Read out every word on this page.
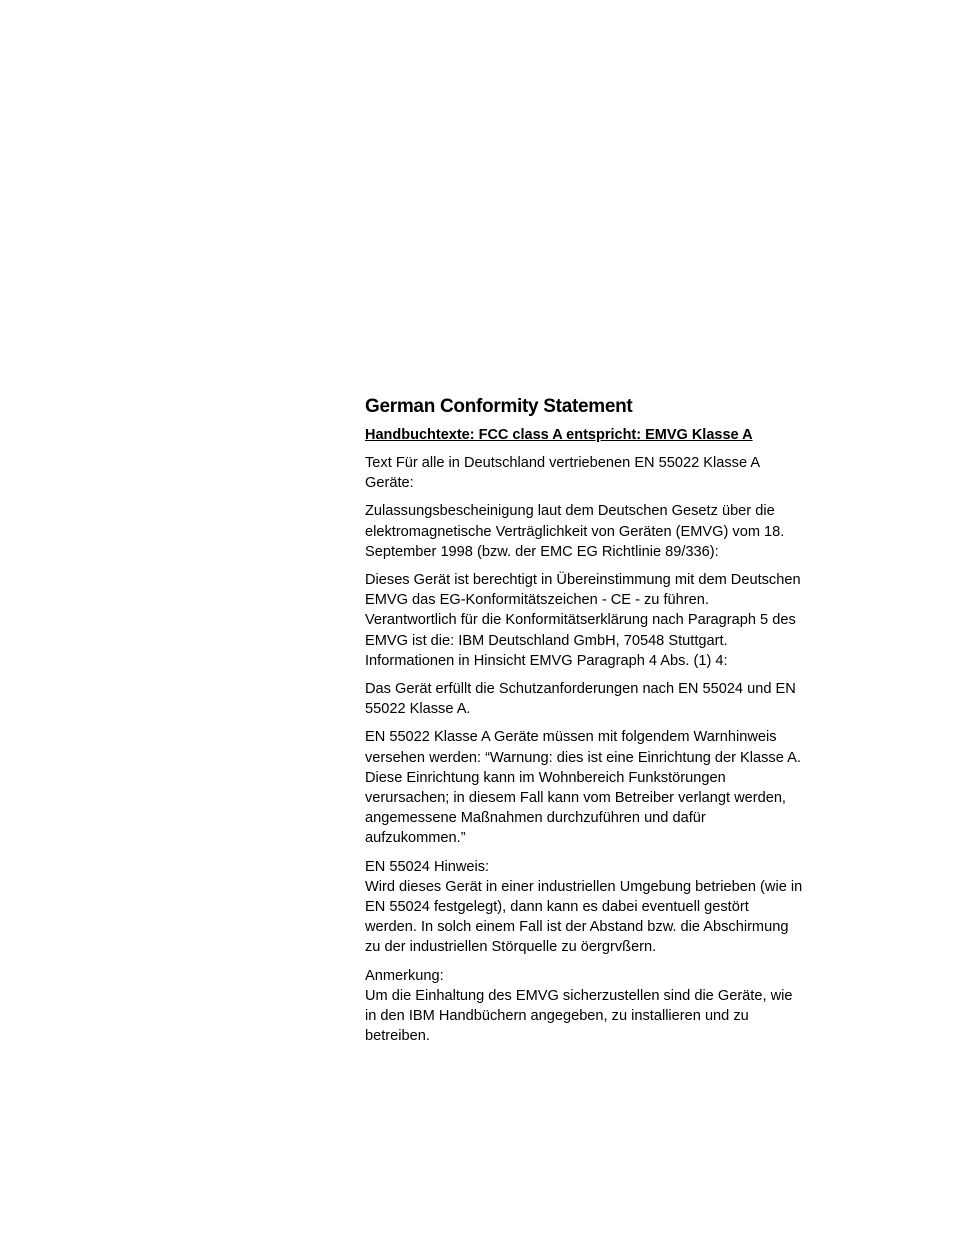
German Conformity Statement
Handbuchtexte: FCC class A entspricht: EMVG Klasse A
Text Für alle in Deutschland vertriebenen EN 55022 Klasse A
Geräte:
Zulassungsbescheinigung laut dem Deutschen Gesetz über die
elektromagnetische Verträglichkeit von Geräten (EMVG) vom 18.
September 1998 (bzw. der EMC EG Richtlinie 89/336):
Dieses Gerät ist berechtigt in Übereinstimmung mit dem Deutschen
EMVG das EG-Konformitätszeichen - CE - zu führen.
Verantwortlich für die Konformitätserklärung nach Paragraph 5 des
EMVG ist die: IBM Deutschland GmbH, 70548 Stuttgart.
Informationen in Hinsicht EMVG Paragraph 4 Abs. (1) 4:
Das Gerät erfüllt die Schutzanforderungen nach EN 55024 und EN
55022 Klasse A.
EN 55022 Klasse A Geräte müssen mit folgendem Warnhinweis
versehen werden: “Warnung: dies ist eine Einrichtung der Klasse A.
Diese Einrichtung kann im Wohnbereich Funkstörungen
verursachen; in diesem Fall kann vom Betreiber verlangt werden,
angemessene Maßnahmen durchzuführen und dafür
aufzukommen.”
EN 55024 Hinweis:
Wird dieses Gerät in einer industriellen Umgebung betrieben (wie in
EN 55024 festgelegt), dann kann es dabei eventuell gestört
werden. In solch einem Fall ist der Abstand bzw. die Abschirmung
zu der industriellen Störquelle zu öergrvßern.
Anmerkung:
Um die Einhaltung des EMVG sicherzustellen sind die Geräte, wie
in den IBM Handbüchern angegeben, zu installieren und zu
betreiben.
